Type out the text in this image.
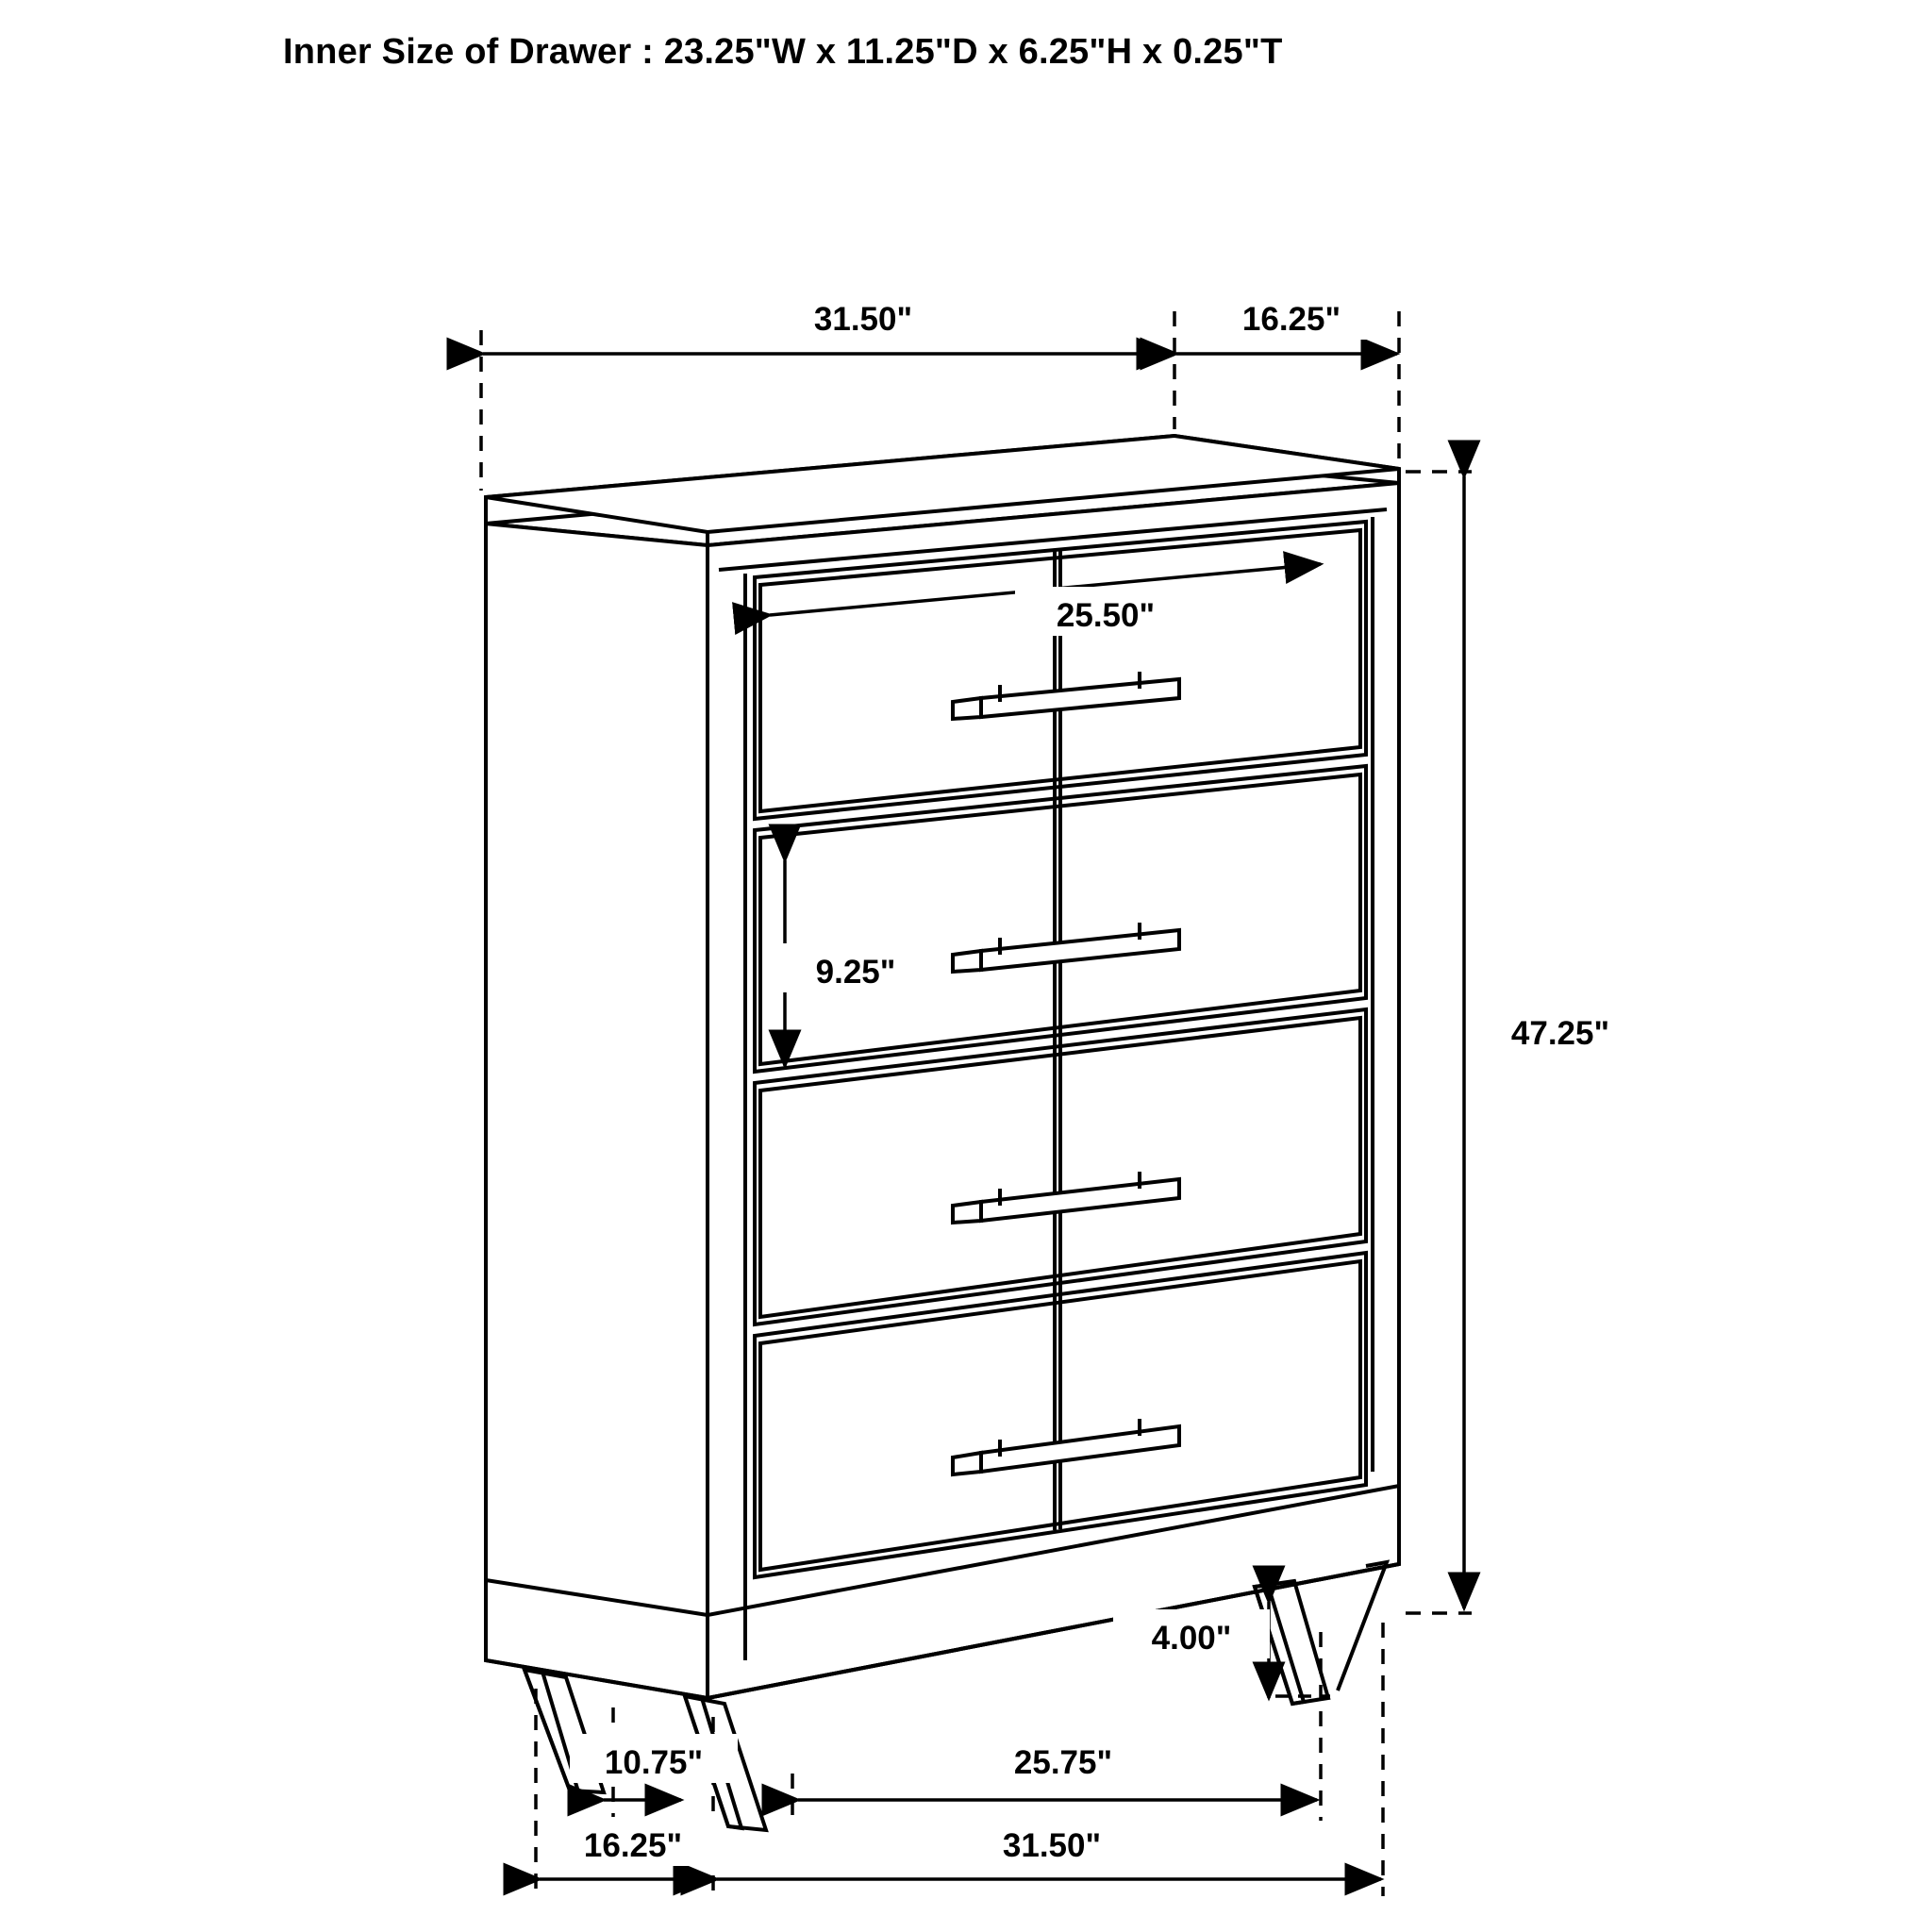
Inner Size of Drawer : 23.25"W x 11.25"D x 6.25"H x 0.25"T
31.50"	16.25"
47.25"
25.50"
9.25"
4.00"
10.75"	25.75"
16.25"	31.50"
